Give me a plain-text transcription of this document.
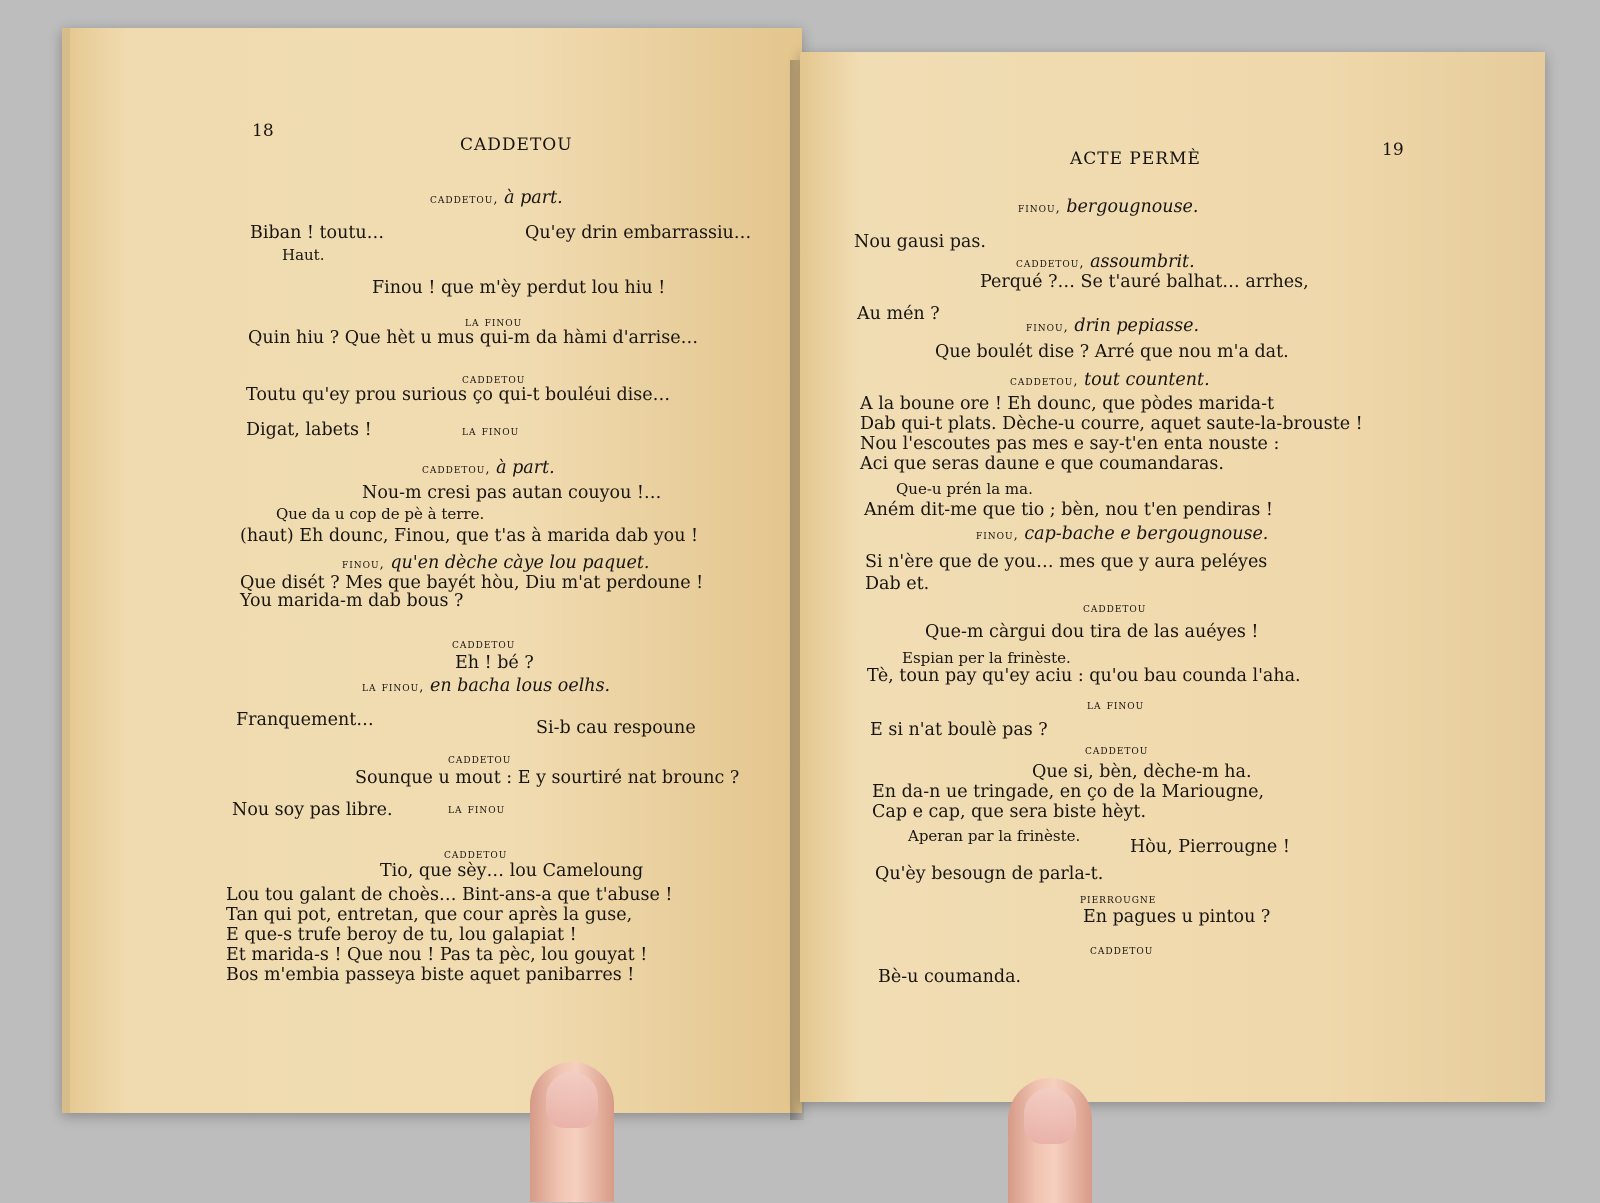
18
CADDETOU
caddetou, à part.
Biban ! toutu…	Qu'ey drin embarrassiu…
Haut.
Finou ! que m'èy perdut lou hiu !
la finou
Quin hiu ? Que hèt u mus qui-m da hàmi d'arrise…
caddetou
Toutu qu'ey prou surious ço qui-t bouléui dise…
Digat, labets !	la finou
caddetou, à part.
Nou-m cresi pas autan couyou !…
Que da u cop de pè à terre.
(haut) Eh dounc, Finou, que t'as à marida dab you !
finou, qu'en dèche càye lou paquet.
Que disét ? Mes que bayét hòu, Diu m'at perdoune !
You marida-m dab bous ?
caddetou
Eh ! bé ?
la finou, en bacha lous oelhs.
Franquement…	Si-b cau respoune
caddetou
Sounque u mout : E y sourtiré nat brounc ?
la finou
Nou soy pas libre.
caddetou
Tio, que sèy… lou Cameloung
Lou tou galant de choès… Bint-ans-a que t'abuse !
Tan qui pot, entretan, que cour après la guse,
E que-s trufe beroy de tu, lou galapiat !
Et marida-s ! Que nou ! Pas ta pèc, lou gouyat !
Bos m'embia passeya biste aquet panibarres !
19
ACTE PERMÈ
finou, bergougnouse.
Nou gausi pas.
caddetou, assoumbrit.
Perqué ?… Se t'auré balhat… arrhes,
Au mén ?
finou, drin pepiasse.
Que boulét dise ? Arré que nou m'a dat.
caddetou, tout countent.
A la boune ore ! Eh dounc, que pòdes marida-t
Dab qui-t plats. Dèche-u courre, aquet saute-la-brouste !
Nou l'escoutes pas mes e say-t'en enta nouste :
Aci que seras daune e que coumandaras.
Que-u prén la ma.
Aném dit-me que tio ; bèn, nou t'en pendiras !
finou, cap-bache e bergougnouse.
Si n'ère que de you… mes que y aura peléyes
Dab et.
caddetou
Que-m càrgui dou tira de las auéyes !
Espian per la frinèste.
Tè, toun pay qu'ey aciu : qu'ou bau counda l'aha.
la finou
E si n'at boulè pas ?
caddetou
Que si, bèn, dèche-m ha.
En da-n ue tringade, en ço de la Mariougne,
Cap e cap, que sera biste hèyt.
Aperan par la frinèste.
Hòu, Pierrougne !
Qu'èy besougn de parla-t.
pierrougne
En pagues u pintou ?
caddetou
Bè-u coumanda.
